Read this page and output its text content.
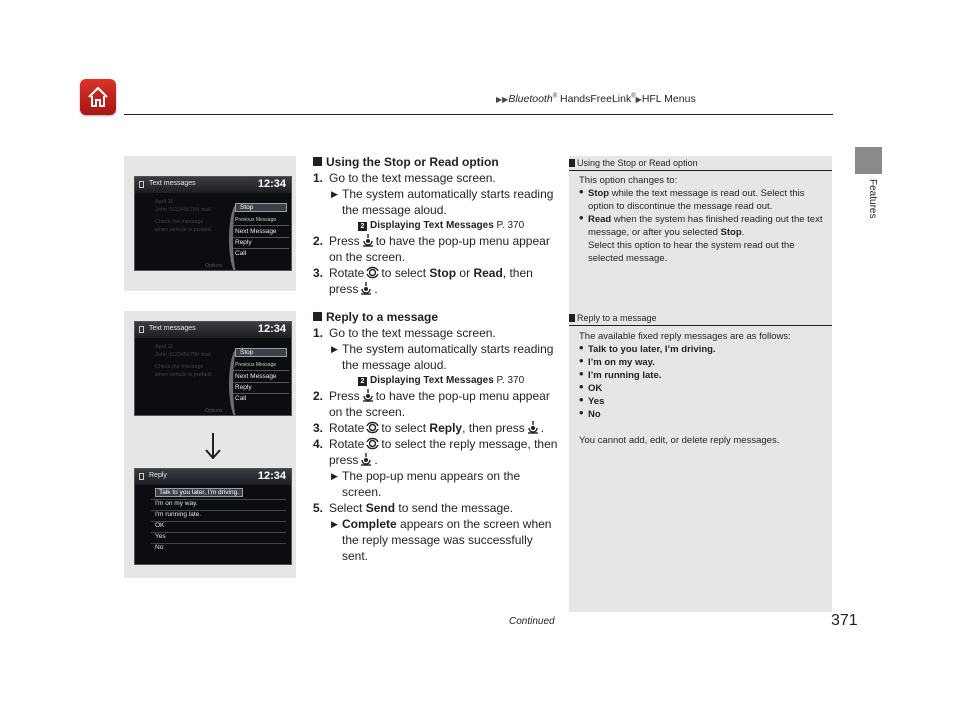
▶▶Bluetooth® HandsFreeLink®▶HFL Menus
Features
Text messages	12:34
April 11
John 0123456789 mail
Check the message
when vehicle is parked.
Stop
Previous Message
Next Message
Reply
Call
Options
Text messages	12:34
April 11
John 0123456789 mail
Check the message
when vehicle is parked.
Stop
Previous Message
Next Message
Reply
Call
Options
Reply	12:34
Talk to you later, I'm driving.
I'm on my way.
I'm running late.
OK
Yes
No
Using the Stop or Read option
1. Go to the text message screen.
▶ The system automatically starts reading the message aloud.
2 Displaying Text Messages P. 370
2. Press to have the pop-up menu appear on the screen.
3. Rotate to select Stop or Read, then press .
Reply to a message
1. Go to the text message screen.
▶ The system automatically starts reading the message aloud.
2 Displaying Text Messages P. 370
2. Press to have the pop-up menu appear on the screen.
3. Rotate to select Reply, then press .
4. Rotate to select the reply message, then press .
▶ The pop-up menu appears on the screen.
5. Select Send to send the message.
▶ Complete appears on the screen when the reply message was successfully sent.
Using the Stop or Read option
This option changes to:
• Stop while the text message is read out. Select this option to discontinue the message read out.
• Read when the system has finished reading out the text message, or after you selected Stop.
Select this option to hear the system read out the selected message.
Reply to a message
The available fixed reply messages are as follows:
• Talk to you later, I’m driving.
• I’m on my way.
• I’m running late.
• OK
• Yes
• No
You cannot add, edit, or delete reply messages.
Continued	371
